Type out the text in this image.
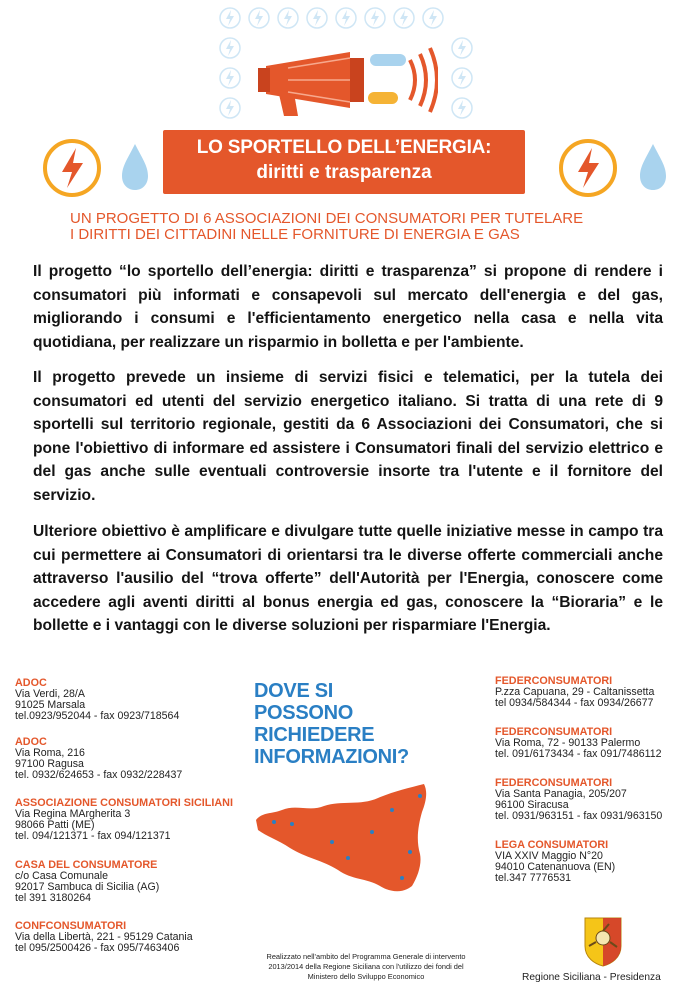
LO SPORTELLO DELL’ENERGIA:
diritti e trasparenza
UN PROGETTO DI 6 ASSOCIAZIONI DEI CONSUMATORI PER TUTELARE
I DIRITTI DEI CITTADINI NELLE FORNITURE DI ENERGIA E GAS
Il progetto “lo sportello dell’energia: diritti e trasparenza” si propone di rendere i consumatori più informati e consapevoli sul mercato dell'energia e del gas, migliorando i consumi e l'efficientamento energetico nella casa e nella vita quotidiana, per realizzare un risparmio in bolletta e per l'ambiente.
Il progetto prevede un insieme di servizi fisici e telematici, per la tutela dei consumatori ed utenti del servizio energetico italiano. Si tratta di una rete di 9 sportelli sul territorio regionale, gestiti da 6 Associazioni dei Consumatori, che si pone l'obiettivo di informare ed assistere i Consumatori finali del servizio elettrico e del gas anche sulle eventuali controversie insorte tra l'utente e il fornitore del servizio.
Ulteriore obiettivo è amplificare e divulgare tutte quelle iniziative messe in campo tra cui permettere ai Consumatori di orientarsi tra le diverse offerte commerciali anche attraverso l'ausilio del “trova offerte” dell'Autorità per l'Energia, conoscere come accedere agli aventi diritti al bonus energia ed gas, conoscere la “Bioraria” e le bollette e i vantaggi con le diverse soluzioni per risparmiare l'Energia.
ADOC
Via Verdi, 28/A
91025 Marsala
tel.0923/952044 - fax 0923/718564
ADOC
Via Roma, 216
97100 Ragusa
tel. 0932/624653 - fax 0932/228437
ASSOCIAZIONE CONSUMATORI SICILIANI
Via Regina MArgherita 3
98066 Patti (ME)
tel. 094/121371 - fax 094/121371
CASA DEL CONSUMATORE
c/o Casa Comunale
92017 Sambuca di Sicilia (AG)
tel 391 3180264
CONFCONSUMATORI
Via della Libertà, 221 - 95129 Catania
tel 095/2500426 - fax 095/7463406
DOVE SI
POSSONO
RICHIEDERE
INFORMAZIONI?
FEDERCONSUMATORI
P.zza Capuana, 29 - Caltanissetta
tel 0934/584344 - fax 0934/26677
FEDERCONSUMATORI
Via Roma, 72 - 90133 Palermo
tel. 091/6173434 - fax 091/7486112
FEDERCONSUMATORI
Via Santa Panagia, 205/207
96100 Siracusa
tel. 0931/963151 - fax 0931/963150
LEGA CONSUMATORI
VIA XXIV Maggio N°20
94010 Catenanuova (EN)
tel.347 7776531
Realizzato nell'ambito del Programma Generale di intervento
2013/2014 della Regione Siciliana con l'utilizzo dei fondi del
Ministero dello Sviluppo Economico	Regione Siciliana - Presidenza
